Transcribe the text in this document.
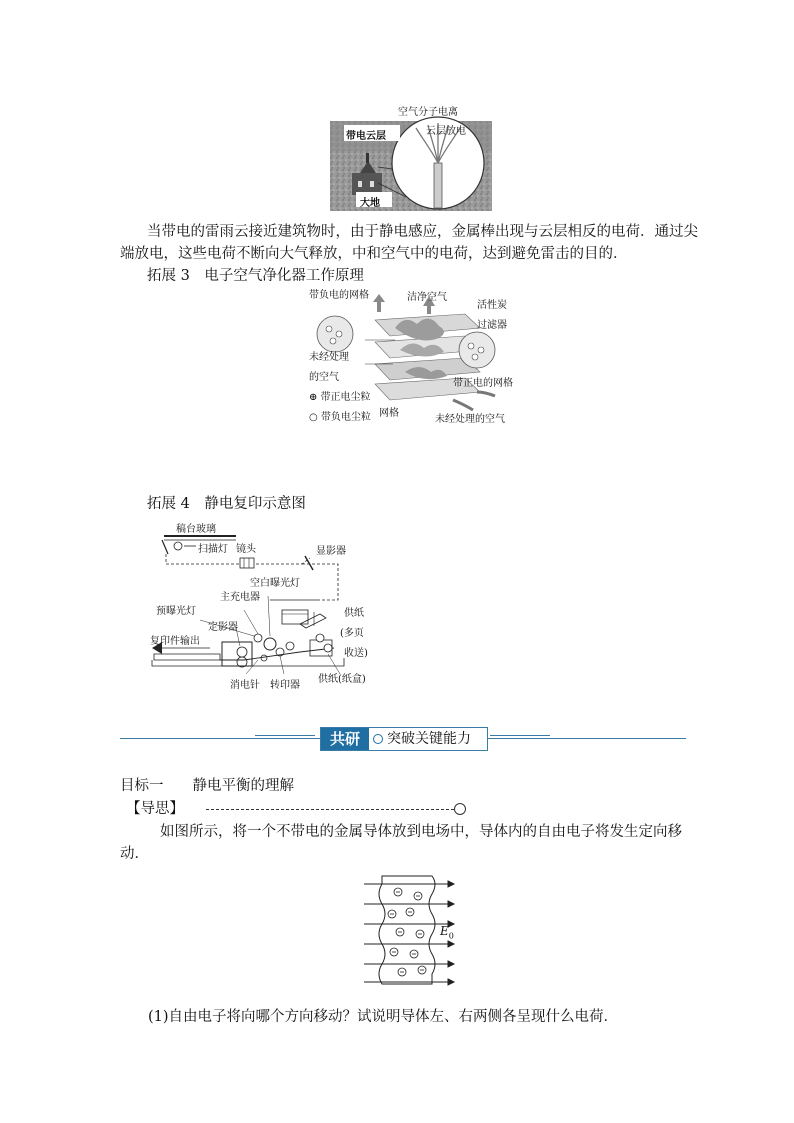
空气分子电离
云层放电
带电云层
大地
当带电的雷雨云接近建筑物时，由于静电感应，金属棒出现与云层相反的电荷．通过尖
端放电，这些电荷不断向大气释放，中和空气中的电荷，达到避免雷击的目的．
拓展 3　电子空气净化器工作原理
带负电的网格	洁净空气
活性炭
过滤器
未经处理
的空气
带正电的网格
⊕ 带正电尘粒
○ 带负电尘粒 网格
未经处理的空气
拓展 4　静电复印示意图
稿台玻璃
扫描灯 镜头	显影器
空白曝光灯
主充电器
预曝光灯
定影器
复印件输出
供纸
(多页
收送)
消电针 转印器
供纸(纸盒)
共研	突破关键能力
目标一　　静电平衡的理解
【导思】
如图所示，将一个不带电的金属导体放到电场中，导体内的自由电子将发生定向移
动．
$E_0$
(1)自由电子将向哪个方向移动？试说明导体左、右两侧各呈现什么电荷．
